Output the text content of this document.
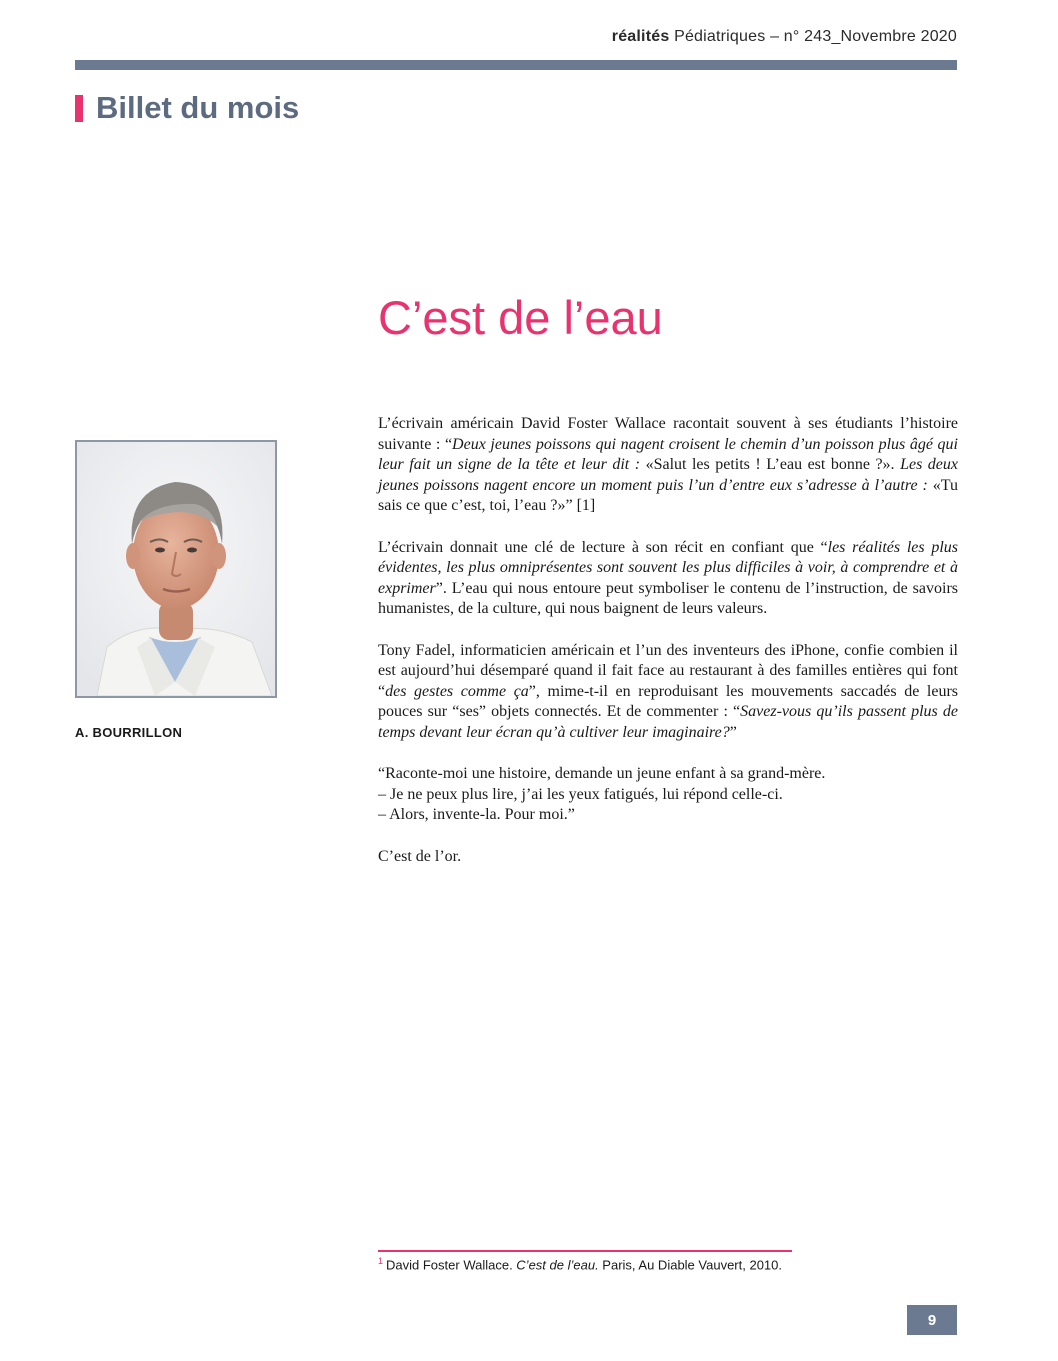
réalités Pédiatriques – n° 243_Novembre 2020
Billet du mois
C’est de l’eau
A. BOURRILLON

L’écrivain américain David Foster Wallace racontait souvent à ses étudiants l’histoire suivante : “Deux jeunes poissons qui nagent croisent le chemin d’un poisson plus âgé qui leur fait un signe de la tête et leur dit : «Salut les petits ! L’eau est bonne ?». Les deux jeunes poissons nagent encore un moment puis l’un d’entre eux s’adresse à l’autre : «Tu sais ce que c’est, toi, l’eau ?»” [1]

L’écrivain donnait une clé de lecture à son récit en confiant que “les réalités les plus évidentes, les plus omniprésentes sont souvent les plus difficiles à voir, à comprendre et à exprimer”. L’eau qui nous entoure peut symboliser le contenu de l’instruction, de savoirs humanistes, de la culture, qui nous baignent de leurs valeurs.

Tony Fadel, informaticien américain et l’un des inventeurs des iPhone, confie combien il est aujourd’hui désemparé quand il fait face au restaurant à des familles entières qui font “des gestes comme ça”, mime-t-il en reproduisant les mouvements saccadés de leurs pouces sur “ses” objets connectés. Et de commenter : “Savez-vous qu’ils passent plus de temps devant leur écran qu’à cultiver leur imaginaire?”

“Raconte-moi une histoire, demande un jeune enfant à sa grand-mère.

– Je ne peux plus lire, j’ai les yeux fatigués, lui répond celle-ci.

– Alors, invente-la. Pour moi.”

C’est de l’or.

$^1$ David Foster Wallace. C’est de l’eau. Paris, Au Diable Vauvert, 2010.
9
